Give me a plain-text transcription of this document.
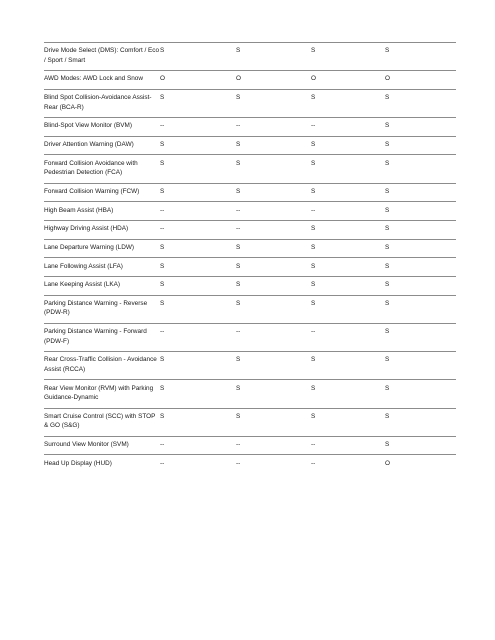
Drive Mode Select (DMS): Comfort / Eco / Sport / Smart	S	S	S	S
AWD Modes: AWD Lock and Snow	O	O	O	O
Blind Spot Collision-Avoidance Assist-Rear (BCA-R)	S	S	S	S
Blind-Spot View Monitor (BVM)	--	--	--	S
Driver Attention Warning (DAW)	S	S	S	S
Forward Collision Avoidance with Pedestrian Detection (FCA)	S	S	S	S
Forward Collision Warning (FCW)	S	S	S	S
High Beam Assist (HBA)	--	--	--	S
Highway Driving Assist (HDA)	--	--	S	S
Lane Departure Warning (LDW)	S	S	S	S
Lane Following Assist (LFA)	S	S	S	S
Lane Keeping Assist (LKA)	S	S	S	S
Parking Distance Warning - Reverse (PDW-R)	S	S	S	S
Parking Distance Warning - Forward (PDW-F)	--	--	--	S
Rear Cross-Traffic Collision - Avoidance Assist (RCCA)	S	S	S	S
Rear View Monitor (RVM) with Parking Guidance-Dynamic	S	S	S	S
Smart Cruise Control (SCC) with STOP & GO (S&G)	S	S	S	S
Surround View Monitor (SVM)	--	--	--	S
Head Up Display (HUD)	--	--	--	O
